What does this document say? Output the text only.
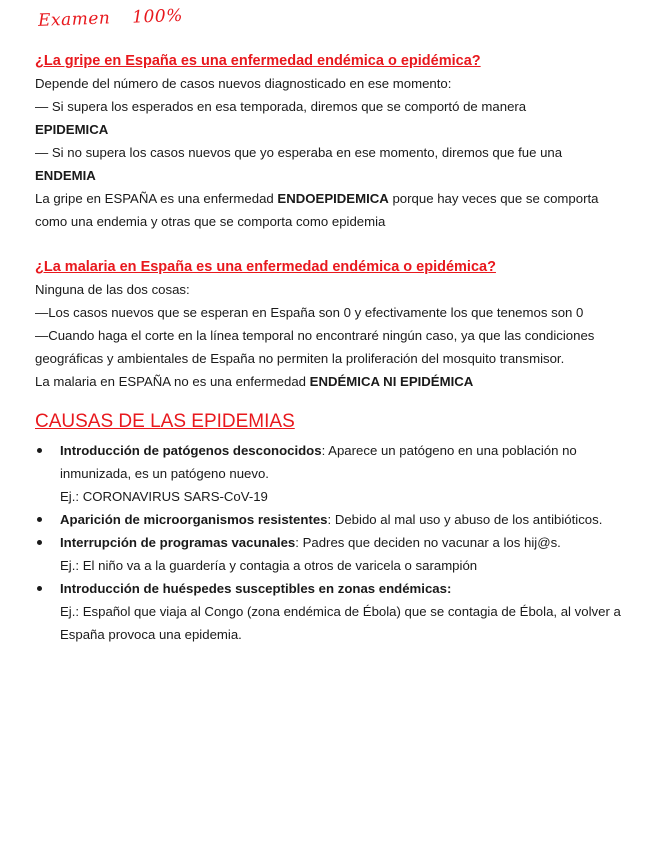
Examen 100%

¿La gripe en España es una enfermedad endémica o epidémica?

Depende del número de casos nuevos diagnosticado en ese momento:

— Si supera los esperados en esa temporada, diremos que se comportó de manera

EPIDEMICA

— Si no supera los casos nuevos que yo esperaba en ese momento, diremos que fue una

ENDEMIA

La gripe en ESPAÑA es una enfermedad ENDOEPIDEMICA porque hay veces que se comporta como una endemia y otras que se comporta como epidemia

¿La malaria en España es una enfermedad endémica o epidémica?

Ninguna de las dos cosas:

—Los casos nuevos que se esperan en España son 0 y efectivamente los que tenemos son 0

—Cuando haga el corte en la línea temporal no encontraré ningún caso, ya que las condiciones geográficas y ambientales de España no permiten la proliferación del mosquito transmisor.

La malaria en ESPAÑA no es una enfermedad ENDÉMICA NI EPIDÉMICA

CAUSAS DE LAS EPIDEMIAS

Introducción de patógenos desconocidos: Aparece un patógeno en una población no inmunizada, es un patógeno nuevo.
Ej.: CORONAVIRUS SARS-CoV-19
Aparición de microorganismos resistentes: Debido al mal uso y abuso de los antibióticos.
Interrupción de programas vacunales: Padres que deciden no vacunar a los hij@s.
Ej.: El niño va a la guardería y contagia a otros de varicela o sarampión
Introducción de huéspedes susceptibles en zonas endémicas:
Ej.: Español que viaja al Congo (zona endémica de Ébola) que se contagia de Ébola, al volver a España provoca una epidemia.
